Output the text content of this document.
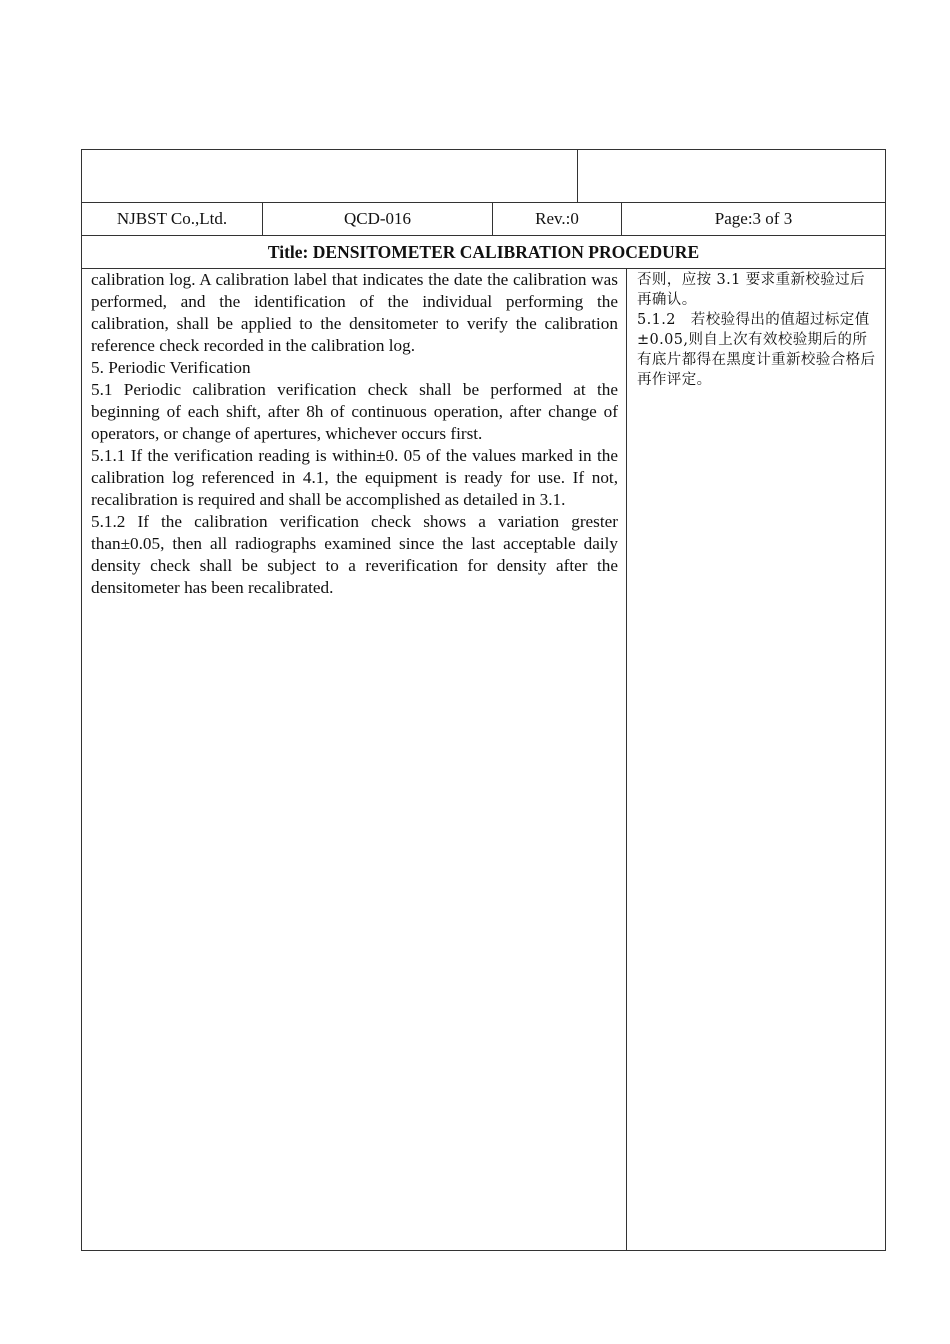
NJBST Co.,Ltd.	QCD-016	Rev.:0	Page:3 of 3
Title: DENSITOMETER CALIBRATION PROCEDURE

calibration log. A calibration label that indicates the date the calibration was performed, and the identification of the individual performing the calibration, shall be applied to the densitometer to verify the calibration reference check recorded in the calibration log.

5. Periodic Verification

5.1 Periodic calibration verification check shall be performed at the beginning of each shift, after 8h of continuous operation, after change of operators, or change of apertures, whichever occurs first.

5.1.1 If the verification reading is within±0. 05 of the values marked in the calibration log referenced in 4.1, the equipment is ready for use. If not, recalibration is required and shall be accomplished as detailed in 3.1.

5.1.2 If the calibration verification check shows a variation grester than±0.05, then all radiographs examined since the last acceptable daily density check shall be subject to a reverification for density after the densitometer has been recalibrated.

否则，应按 3.1 要求重新校验过后再确认。

5.1.2　若校验得出的值超过标定值±0.05,则自上次有效校验期后的所有底片都得在黑度计重新校验合格后再作评定。
